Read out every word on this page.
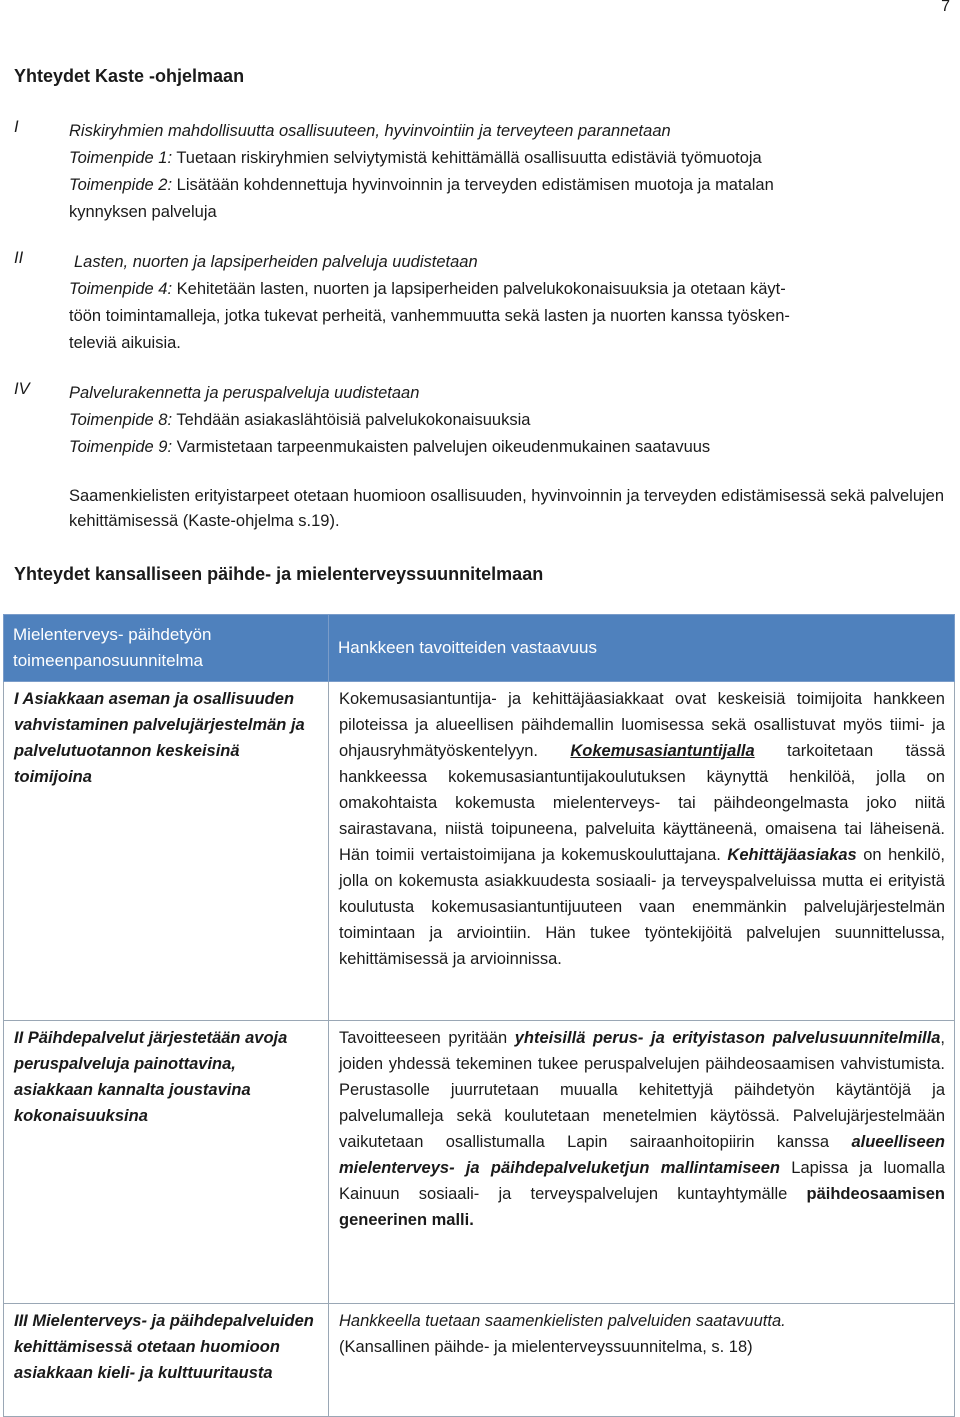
7
Yhteydet Kaste -ohjelmaan
I	Riskiryhmien mahdollisuutta osallisuuteen, hyvinvointiin ja terveyteen parannetaan
Toimenpide 1: Tuetaan riskiryhmien selviytymistä kehittämällä osallisuutta edistäviä työmuotoja
Toimenpide 2: Lisätään kohdennettuja hyvinvoinnin ja terveyden edistämisen muotoja ja matalan
kynnyksen palveluja
II	Lasten, nuorten ja lapsiperheiden palveluja uudistetaan
Toimenpide 4: Kehitetään lasten, nuorten ja lapsiperheiden palvelukokonaisuuksia ja otetaan käyt-
töön toimintamalleja, jotka tukevat perheitä, vanhemmuutta sekä lasten ja nuorten kanssa työsken-
televiä aikuisia.
IV Palvelurakennetta ja peruspalveluja uudistetaan
Toimenpide 8: Tehdään asiakaslähtöisiä palvelukokonaisuuksia
Toimenpide 9: Varmistetaan tarpeenmukaisten palvelujen oikeudenmukainen saatavuus
Saamenkielisten erityistarpeet otetaan huomioon osallisuuden, hyvinvoinnin ja terveyden edistämisessä sekä palvelujen kehittämisessä (Kaste-ohjelma s.19).
Yhteydet kansalliseen päihde- ja mielenterveyssuunnitelmaan
Mielenterveys- päihdetyön toimeenpanosuunnitelma	Hankkeen tavoitteiden vastaavuus
I Asiakkaan aseman ja osallisuuden vahvistaminen palvelujärjestelmän ja palvelutuotannon keskeisinä toimijoina	Kokemusasiantuntija- ja kehittäjäasiakkaat ovat keskeisiä toimijoita hankkeen piloteissa ja alueellisen päihdemallin luomisessa sekä osallistuvat myös tiimi- ja ohjausryhmätyöskentelyyn. Kokemusasiantuntijalla tarkoitetaan tässä hankkeessa kokemusasiantuntijakoulutuksen käynyttä henkilöä, jolla on omakohtaista kokemusta mielenterveys- tai päihdeongelmasta joko niitä sairastavana, niistä toipuneena, palveluita käyttäneenä, omaisena tai läheisenä. Hän toimii vertaistoimijana ja kokemuskouluttajana. Kehittäjäasiakas on henkilö, jolla on kokemusta asiakkuudesta sosiaali- ja terveyspalveluissa mutta ei erityistä koulutusta kokemusasiantuntijuuteen vaan enemmänkin palvelujärjestelmän toimintaan ja arviointiin. Hän tukee työntekijöitä palvelujen suunnittelussa, kehittämisessä ja arvioinnissa.
II Päihdepalvelut järjestetään avoja peruspalveluja painottavina, asiakkaan kannalta joustavina kokonaisuuksina	Tavoitteeseen pyritään yhteisillä perus- ja erityistason palvelusuunnitelmilla, joiden yhdessä tekeminen tukee peruspalvelujen päihdeosaamisen vahvistumista. Perustasolle juurrutetaan muualla kehitettyjä päihdetyön käytäntöjä ja palvelumalleja sekä koulutetaan menetelmien käytössä. Palvelujärjestelmään vaikutetaan osallistumalla Lapin sairaanhoitopiirin kanssa alueelliseen mielenterveys- ja päihdepalveluketjun mallintamiseen Lapissa ja luomalla Kainuun sosiaali- ja terveyspalvelujen kuntayhtymälle päihdeosaamisen geneerinen malli.
III Mielenterveys- ja päihdepalveluiden kehittämisessä otetaan huomioon asiakkaan kieli- ja kulttuuritausta	Hankkeella tuetaan saamenkielisten palveluiden saatavuutta.
(Kansallinen päihde- ja mielenterveyssuunnitelma, s. 18)
